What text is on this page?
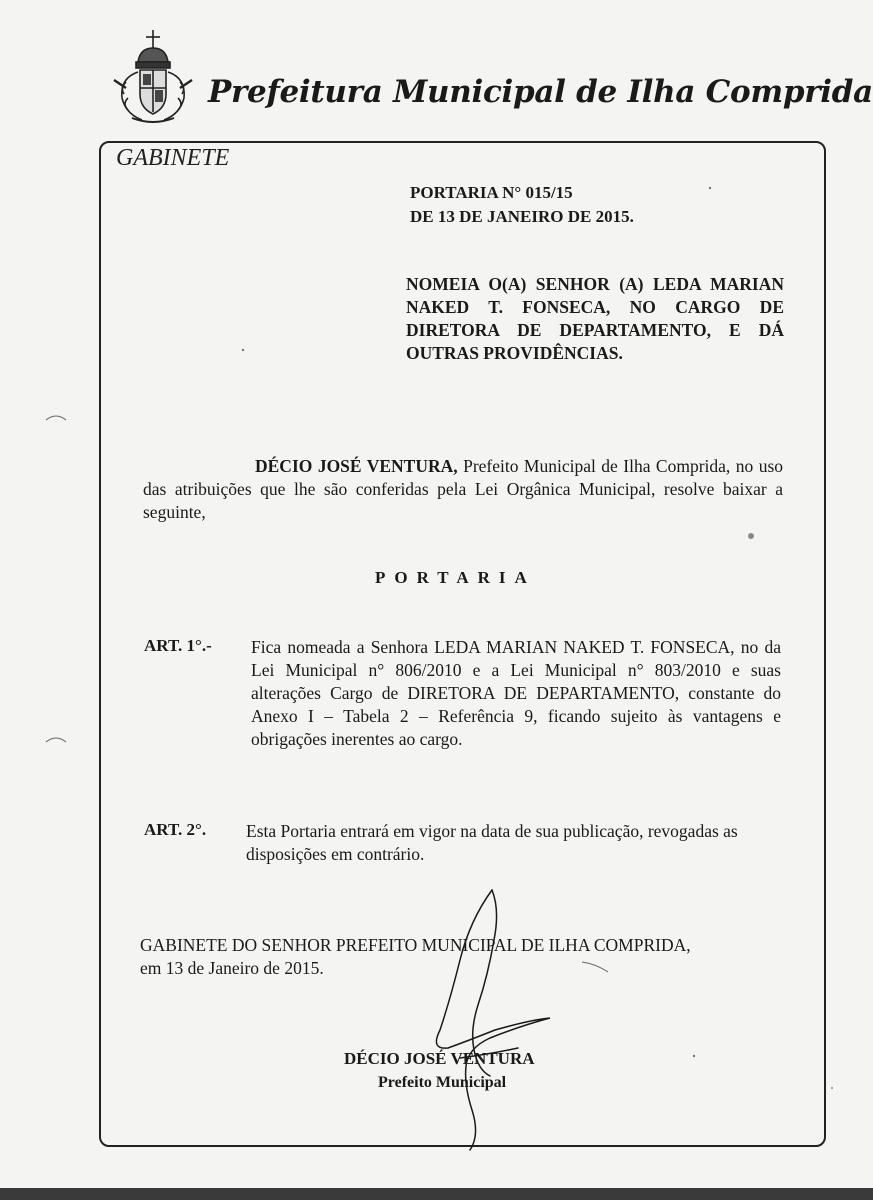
Prefeitura Municipal de Ilha Comprida
GABINETE
PORTARIA N° 015/15
DE 13 DE JANEIRO DE 2015.
NOMEIA O(A) SENHOR (A) LEDA MARIAN NAKED T. FONSECA, NO CARGO DE DIRETORA DE DEPARTAMENTO, E DÁ OUTRAS PROVIDÊNCIAS.
DÉCIO JOSÉ VENTURA, Prefeito Municipal de Ilha Comprida, no uso das atribuições que lhe são conferidas pela Lei Orgânica Municipal, resolve baixar a seguinte,
PORTARIA
ART. 1°.- Fica nomeada a Senhora LEDA MARIAN NAKED T. FONSECA, no da Lei Municipal n° 806/2010 e a Lei Municipal n° 803/2010 e suas alterações Cargo de DIRETORA DE DEPARTAMENTO, constante do Anexo I – Tabela 2 – Referência 9, ficando sujeito às vantagens e obrigações inerentes ao cargo.
ART. 2°. Esta Portaria entrará em vigor na data de sua publicação, revogadas as disposições em contrário.
GABINETE DO SENHOR PREFEITO MUNICIPAL DE ILHA COMPRIDA,
em 13 de Janeiro de 2015.
DÉCIO JOSÉ VENTURA
Prefeito Municipal
